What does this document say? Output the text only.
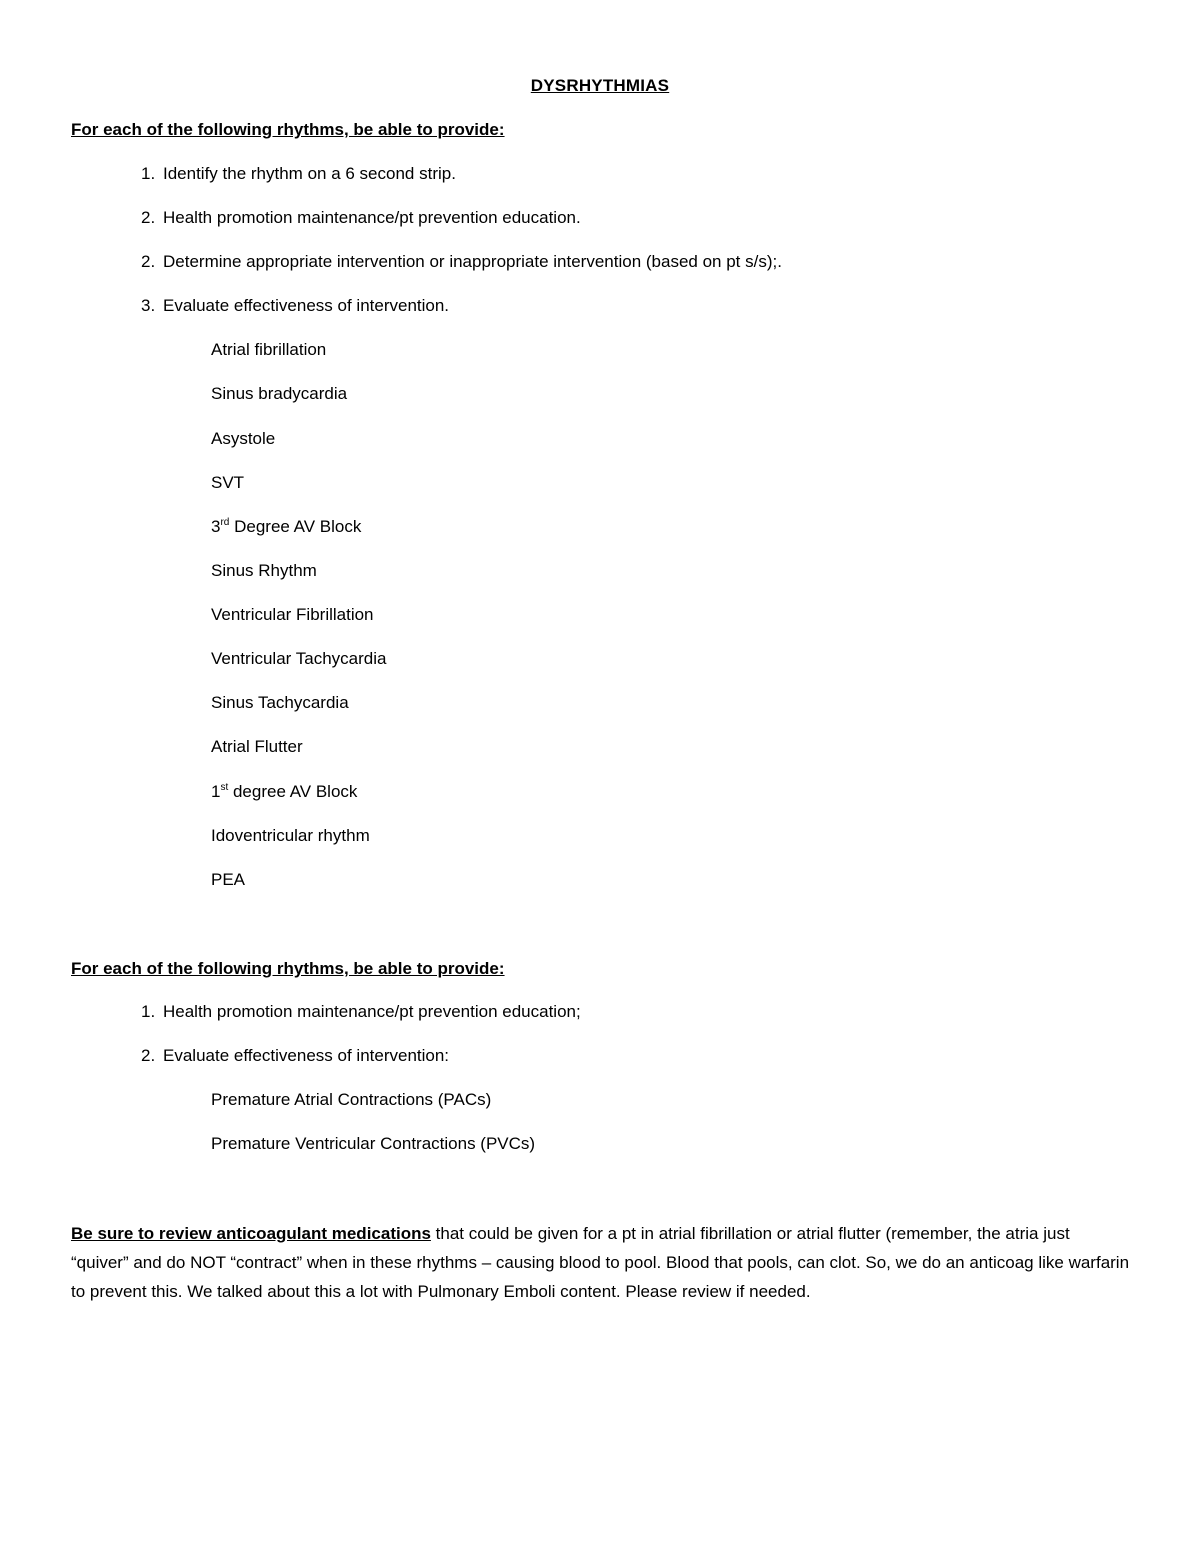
DYSRHYTHMIAS
For each of the following rhythms, be able to provide:
1. Identify the rhythm on a 6 second strip.
2. Health promotion maintenance/pt prevention education.
2. Determine appropriate intervention or inappropriate intervention (based on pt s/s);.
3. Evaluate effectiveness of intervention.
Atrial fibrillation
Sinus bradycardia
Asystole
SVT
3rd Degree AV Block
Sinus Rhythm
Ventricular Fibrillation
Ventricular Tachycardia
Sinus Tachycardia
Atrial Flutter
1st degree AV Block
Idoventricular rhythm
PEA
For each of the following rhythms, be able to provide:
1. Health promotion maintenance/pt prevention education;
2. Evaluate effectiveness of intervention:
Premature Atrial Contractions (PACs)
Premature Ventricular Contractions (PVCs)
Be sure to review anticoagulant medications that could be given for a pt in atrial fibrillation or atrial flutter (remember, the atria just “quiver” and do NOT “contract” when in these rhythms – causing blood to pool. Blood that pools, can clot. So, we do an anticoag like warfarin to prevent this. We talked about this a lot with Pulmonary Emboli content. Please review if needed.
